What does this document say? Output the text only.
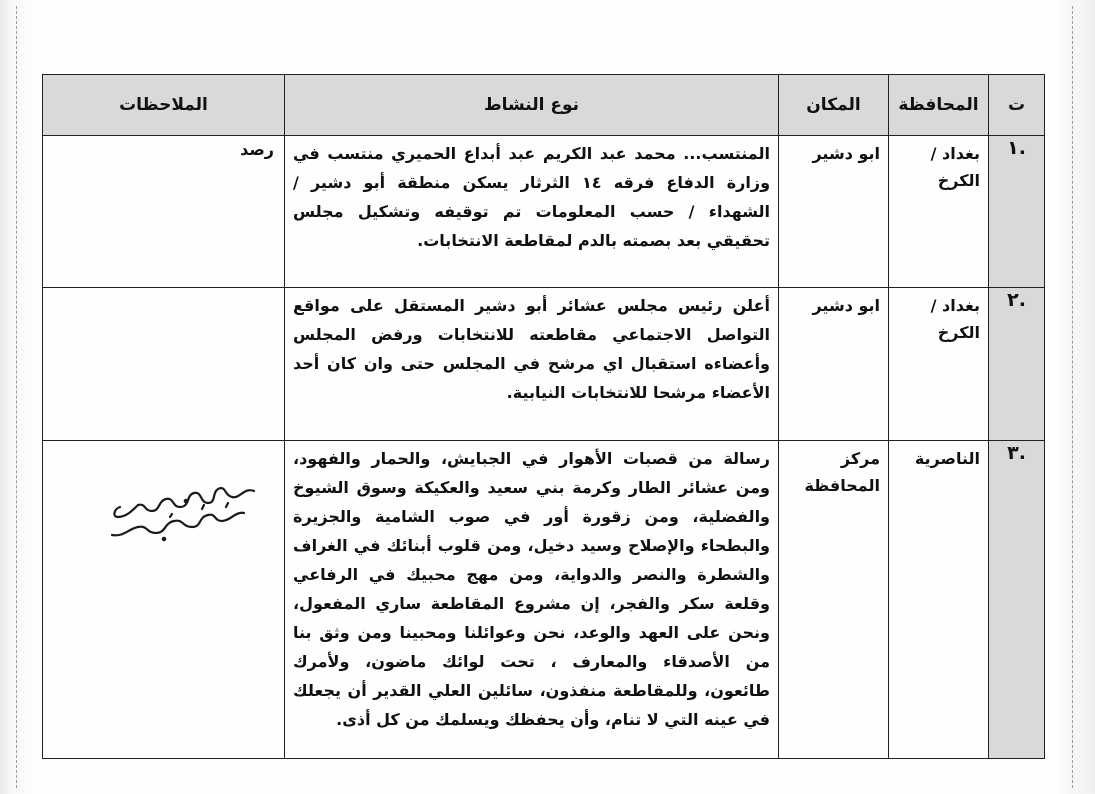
ت	المحافظة	المكان	نوع النشاط	الملاحظات
.١	بغداد / الكرخ	ابو دشير	المنتسب... محمد عبد الكريم عبد أبداع الحميري منتسب في وزارة الدفاع فرقه ١٤ الثرثار يسكن منطقة أبو دشير / الشهداء / حسب المعلومات تم توقيفه وتشكيل مجلس تحقيقي بعد بصمته بالدم لمقاطعة الانتخابات.	رصد
.٢	بغداد / الكرخ	ابو دشير	أعلن رئيس مجلس عشائر أبو دشير المستقل على مواقع التواصل الاجتماعي مقاطعته للانتخابات ورفض المجلس وأعضاءه استقبال اي مرشح في المجلس حتى وان كان أحد الأعضاء مرشحا للانتخابات النيابية.	
.٣	الناصرية	مركز المحافظة	رسالة من قصبات الأهوار في الجبايش، والحمار والفهود، ومن عشائر الطار وكرمة بني سعيد والعكيكة وسوق الشيوخ والفضلية، ومن زقورة أور في صوب الشامية والجزيرة والبطحاء والإصلاح وسيد دخيل، ومن قلوب أبنائك في الغراف والشطرة والنصر والدواية، ومن مهج محبيك في الرفاعي وقلعة سكر والفجر، إن مشروع المقاطعة ساري المفعول، ونحن على العهد والوعد، نحن وعوائلنا ومحبينا ومن وثق بنا من الأصدقاء والمعارف ، تحت لوائك ماضون، ولأمرك طائعون، وللمقاطعة منفذون، سائلين العلي القدير أن يجعلك في عينه التي لا تنام، وأن يحفظك ويسلمك من كل أذى.	
